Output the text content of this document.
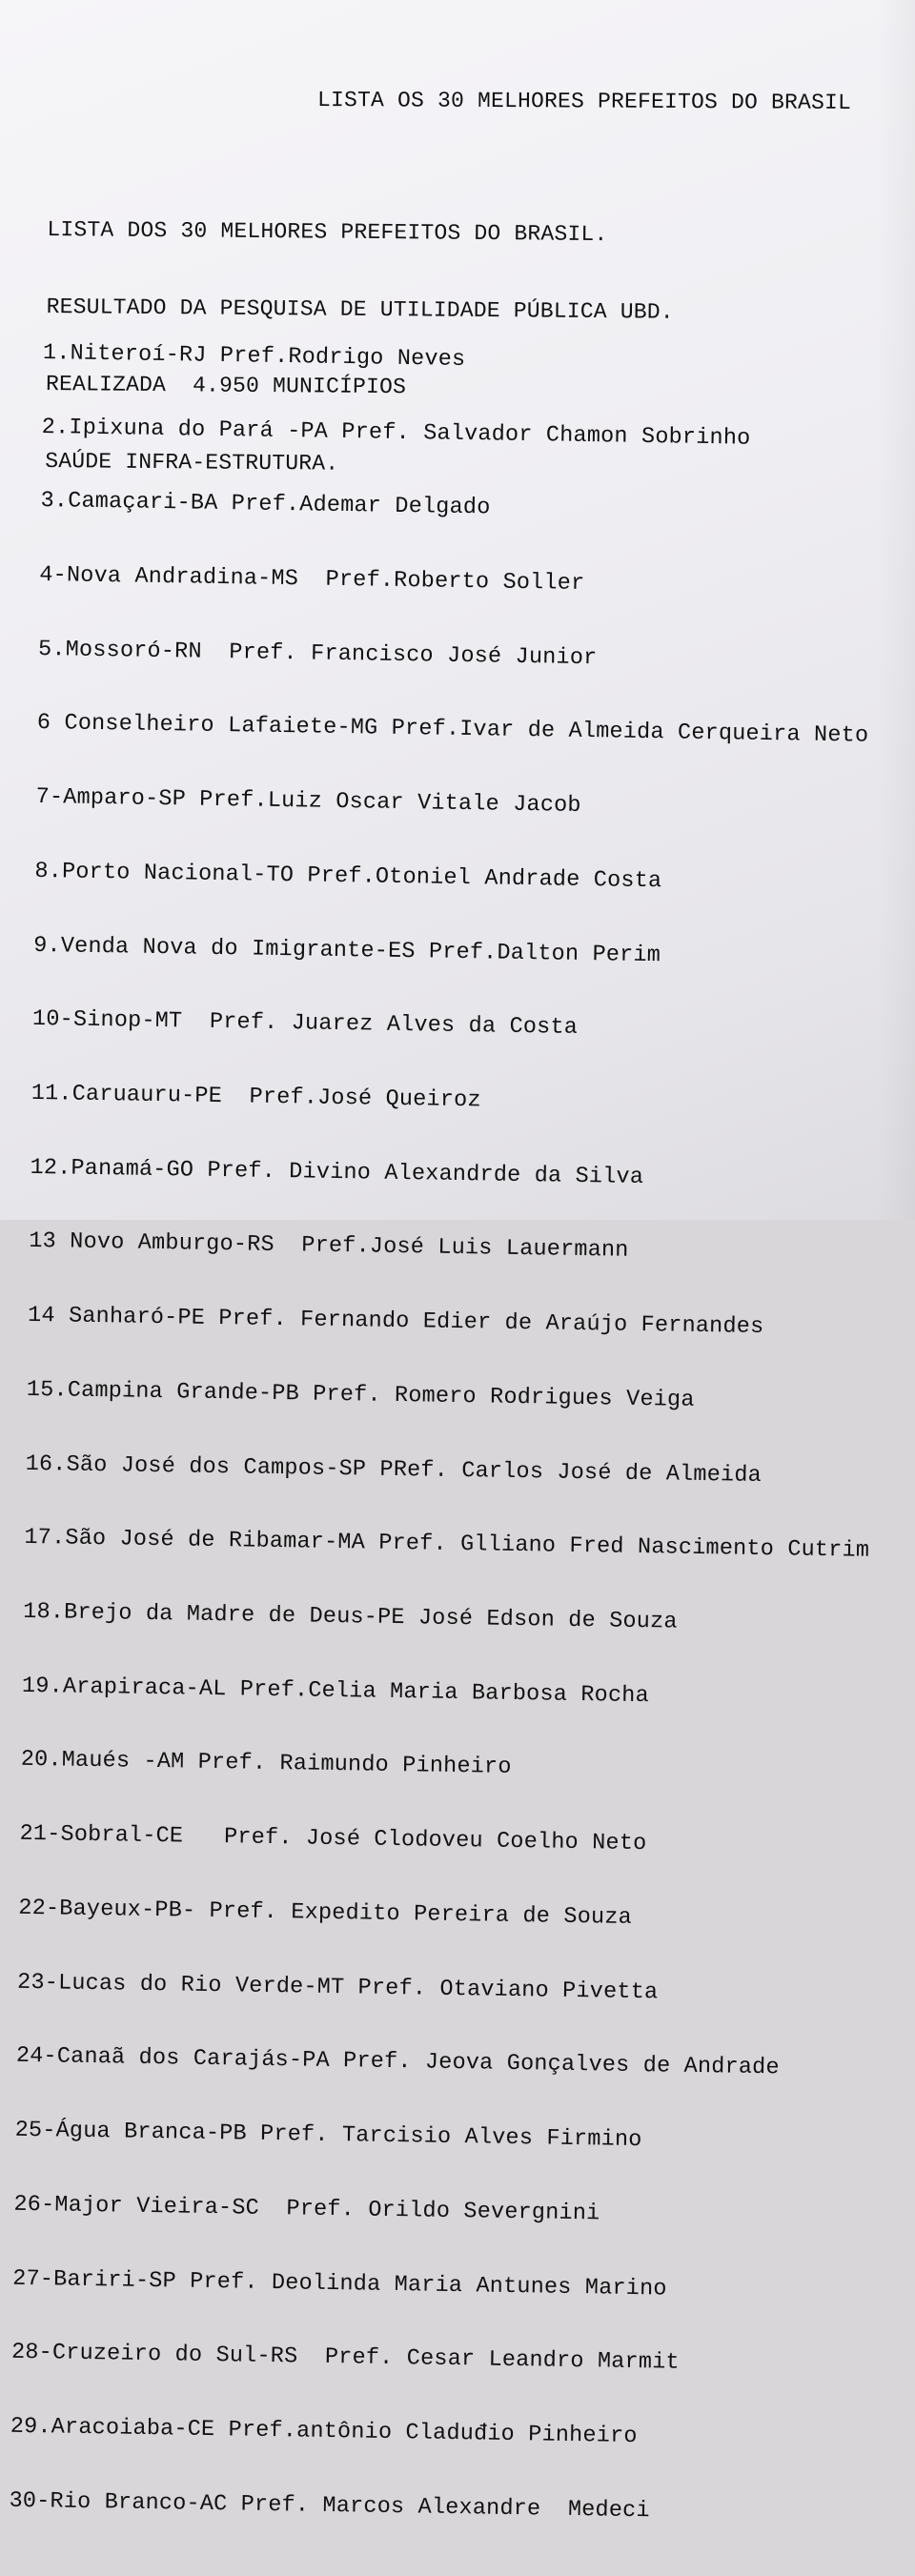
LISTA OS 30 MELHORES PREFEITOS DO BRASIL

LISTA DOS 30 MELHORES PREFEITOS DO BRASIL.

RESULTADO DA PESQUISA DE UTILIDADE PÚBLICA UBD.

REALIZADA  4.950 MUNICÍPIOS

SAÚDE INFRA-ESTRUTURA.

1.Niteroí-RJ Pref.Rodrigo Neves

2.Ipixuna do Pará -PA Pref. Salvador Chamon Sobrinho

3.Camaçari-BA Pref.Ademar Delgado

4-Nova Andradina-MS  Pref.Roberto Soller

5.Mossoró-RN  Pref. Francisco José Junior

6 Conselheiro Lafaiete-MG Pref.Ivar de Almeida Cerqueira Neto

7-Amparo-SP Pref.Luiz Oscar Vitale Jacob

8.Porto Nacional-TO Pref.Otoniel Andrade Costa

9.Venda Nova do Imigrante-ES Pref.Dalton Perim

10-Sinop-MT  Pref. Juarez Alves da Costa

11.Caruauru-PE  Pref.José Queiroz

12.Panamá-GO Pref. Divino Alexandrde da Silva

13 Novo Amburgo-RS  Pref.José Luis Lauermann

14 Sanharó-PE Pref. Fernando Edier de Araújo Fernandes

15.Campina Grande-PB Pref. Romero Rodrigues Veiga

16.São José dos Campos-SP PRef. Carlos José de Almeida

17.São José de Ribamar-MA Pref. Glliano Fred Nascimento Cutrim

18.Brejo da Madre de Deus-PE José Edson de Souza

19.Arapiraca-AL Pref.Celia Maria Barbosa Rocha

20.Maués -AM Pref. Raimundo Pinheiro

21-Sobral-CE   Pref. José Clodoveu Coelho Neto

22-Bayeux-PB- Pref. Expedito Pereira de Souza

23-Lucas do Rio Verde-MT Pref. Otaviano Pivetta

24-Canaã dos Carajás-PA Pref. Jeova Gonçalves de Andrade

25-Água Branca-PB Pref. Tarcisio Alves Firmino

26-Major Vieira-SC  Pref. Orildo Severgnini

27-Bariri-SP Pref. Deolinda Maria Antunes Marino

28-Cruzeiro do Sul-RS  Pref. Cesar Leandro Marmit

29.Aracoiaba-CE Pref.antônio Claduđio Pinheiro

30-Rio Branco-AC Pref. Marcos Alexandre  Medeci
